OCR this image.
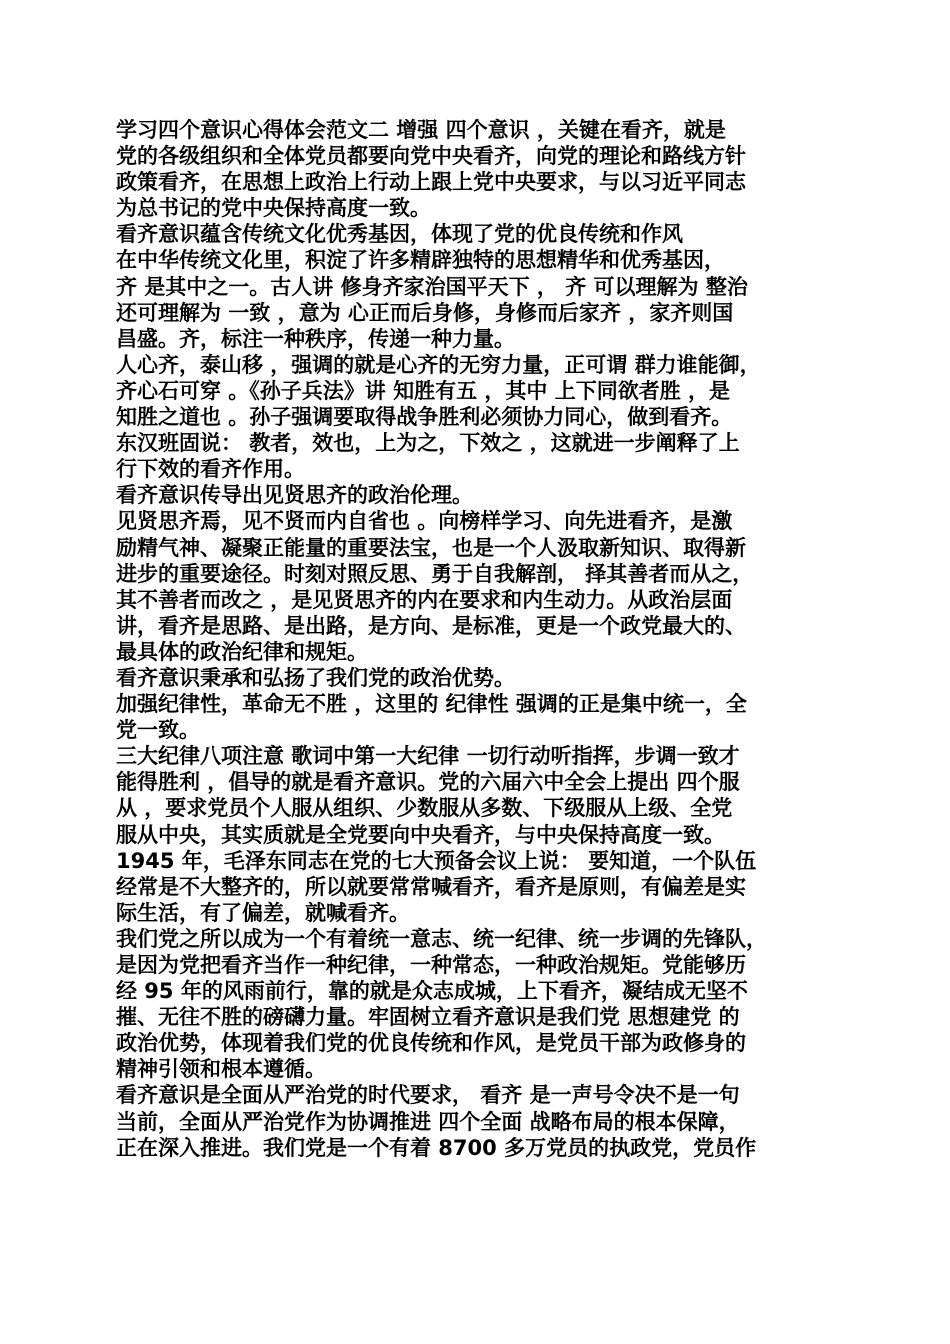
学习四个意识心得体会范文二 增强 四个意识 ，关键在看齐，就是
党的各级组织和全体党员都要向党中央看齐，向党的理论和路线方针
政策看齐，在思想上政治上行动上跟上党中央要求，与以习近平同志
为总书记的党中央保持高度一致。
看齐意识蕴含传统文化优秀基因，体现了党的优良传统和作风
在中华传统文化里，积淀了许多精辟独特的思想精华和优秀基因，
齐 是其中之一。古人讲 修身齐家治国平天下 ， 齐 可以理解为 整治
还可理解为 一致 ，意为 心正而后身修，身修而后家齐 ，家齐则国
昌盛。齐，标注一种秩序，传递一种力量。
人心齐，泰山移 ，强调的就是心齐的无穷力量，正可谓 群力谁能御，
齐心石可穿 。《孙子兵法》讲 知胜有五 ，其中 上下同欲者胜 ，是
知胜之道也 。孙子强调要取得战争胜利必须协力同心，做到看齐。
东汉班固说： 教者，效也，上为之，下效之 ，这就进一步阐释了上
行下效的看齐作用。
看齐意识传导出见贤思齐的政治伦理。
见贤思齐焉，见不贤而内自省也 。向榜样学习、向先进看齐，是激
励精气神、凝聚正能量的重要法宝，也是一个人汲取新知识、取得新
进步的重要途径。时刻对照反思、勇于自我解剖， 择其善者而从之，
其不善者而改之 ，是见贤思齐的内在要求和内生动力。从政治层面
讲，看齐是思路、是出路，是方向、是标准，更是一个政党最大的、
最具体的政治纪律和规矩。
看齐意识秉承和弘扬了我们党的政治优势。
加强纪律性，革命无不胜 ，这里的 纪律性 强调的正是集中统一，全
党一致。
三大纪律八项注意 歌词中第一大纪律 一切行动听指挥，步调一致才
能得胜利 ，倡导的就是看齐意识。党的六届六中全会上提出 四个服
从 ，要求党员个人服从组织、少数服从多数、下级服从上级、全党
服从中央，其实质就是全党要向中央看齐，与中央保持高度一致。
1945 年，毛泽东同志在党的七大预备会议上说： 要知道，一个队伍
经常是不大整齐的，所以就要常常喊看齐，看齐是原则，有偏差是实
际生活，有了偏差，就喊看齐。
我们党之所以成为一个有着统一意志、统一纪律、统一步调的先锋队，
是因为党把看齐当作一种纪律，一种常态，一种政治规矩。党能够历
经 95 年的风雨前行，靠的就是众志成城，上下看齐，凝结成无坚不
摧、无往不胜的磅礴力量。牢固树立看齐意识是我们党 思想建党 的
政治优势，体现着我们党的优良传统和作风，是党员干部为政修身的
精神引领和根本遵循。
看齐意识是全面从严治党的时代要求， 看齐 是一声号令决不是一句
当前，全面从严治党作为协调推进 四个全面 战略布局的根本保障，
正在深入推进。我们党是一个有着 8700 多万党员的执政党，党员作
